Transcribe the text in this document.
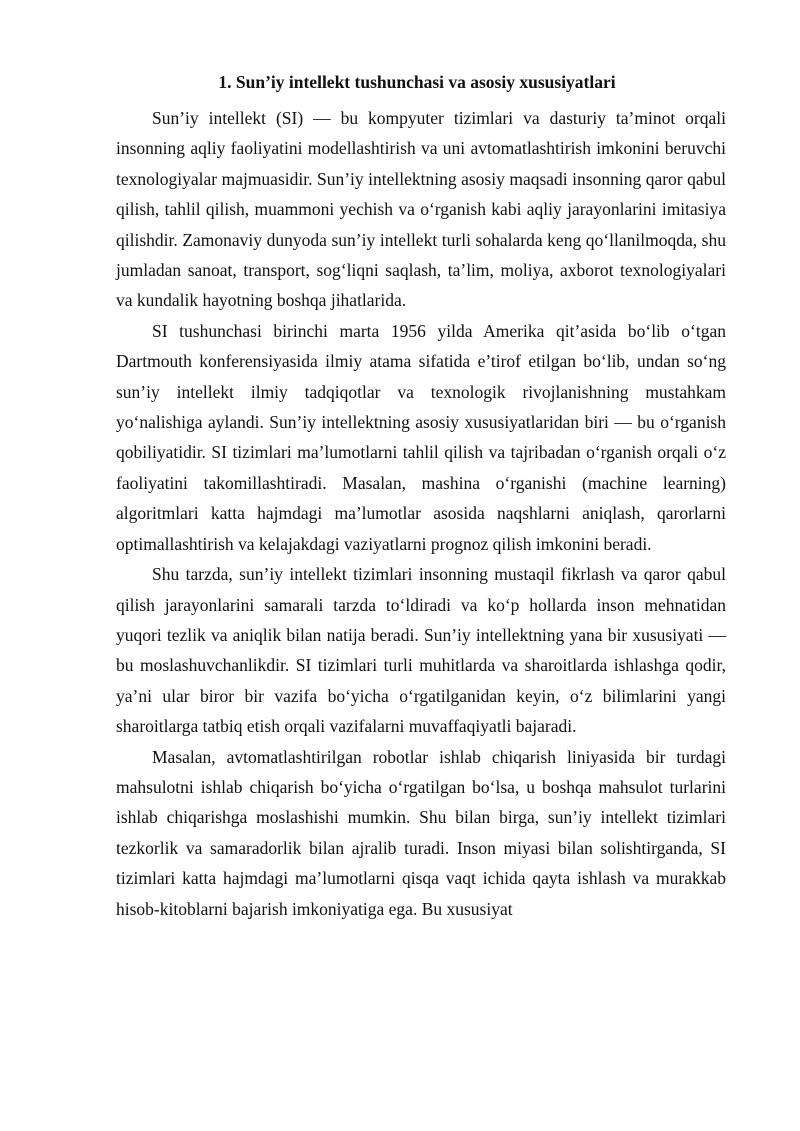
1. Sun’iy intellekt tushunchasi va asosiy xususiyatlari

Sun’iy intellekt (SI) — bu kompyuter tizimlari va dasturiy ta’minot orqali insonning aqliy faoliyatini modellashtirish va uni avtomatlashtirish imkonini beruvchi texnologiyalar majmuasidir. Sun’iy intellektning asosiy maqsadi insonning qaror qabul qilish, tahlil qilish, muammoni yechish va o‘rganish kabi aqliy jarayonlarini imitasiya qilishdir. Zamonaviy dunyoda sun’iy intellekt turli sohalarda keng qo‘llanilmoqda, shu jumladan sanoat, transport, sog‘liqni saqlash, ta’lim, moliya, axborot texnologiyalari va kundalik hayotning boshqa jihatlarida.

SI tushunchasi birinchi marta 1956 yilda Amerika qit’asida bo‘lib o‘tgan Dartmouth konferensiyasida ilmiy atama sifatida e’tirof etilgan bo‘lib, undan so‘ng sun’iy intellekt ilmiy tadqiqotlar va texnologik rivojlanishning mustahkam yo‘nalishiga aylandi. Sun’iy intellektning asosiy xususiyatlaridan biri — bu o‘rganish qobiliyatidir. SI tizimlari ma’lumotlarni tahlil qilish va tajribadan o‘rganish orqali o‘z faoliyatini takomillashtiradi. Masalan, mashina o‘rganishi (machine learning) algoritmlari katta hajmdagi ma’lumotlar asosida naqshlarni aniqlash, qarorlarni optimallashtirish va kelajakdagi vaziyatlarni prognoz qilish imkonini beradi.

Shu tarzda, sun’iy intellekt tizimlari insonning mustaqil fikrlash va qaror qabul qilish jarayonlarini samarali tarzda to‘ldiradi va ko‘p hollarda inson mehnatidan yuqori tezlik va aniqlik bilan natija beradi. Sun’iy intellektning yana bir xususiyati — bu moslashuvchanlikdir. SI tizimlari turli muhitlarda va sharoitlarda ishlashga qodir, ya’ni ular biror bir vazifa bo‘yicha o‘rgatilganidan keyin, o‘z bilimlarini yangi sharoitlarga tatbiq etish orqali vazifalarni muvaffaqiyatli bajaradi.

Masalan, avtomatlashtirilgan robotlar ishlab chiqarish liniyasida bir turdagi mahsulotni ishlab chiqarish bo‘yicha o‘rgatilgan bo‘lsa, u boshqa mahsulot turlarini ishlab chiqarishga moslashishi mumkin. Shu bilan birga, sun’iy intellekt tizimlari tezkorlik va samaradorlik bilan ajralib turadi. Inson miyasi bilan solishtirganda, SI tizimlari katta hajmdagi ma’lumotlarni qisqa vaqt ichida qayta ishlash va murakkab hisob-kitoblarni bajarish imkoniyatiga ega. Bu xususiyat
